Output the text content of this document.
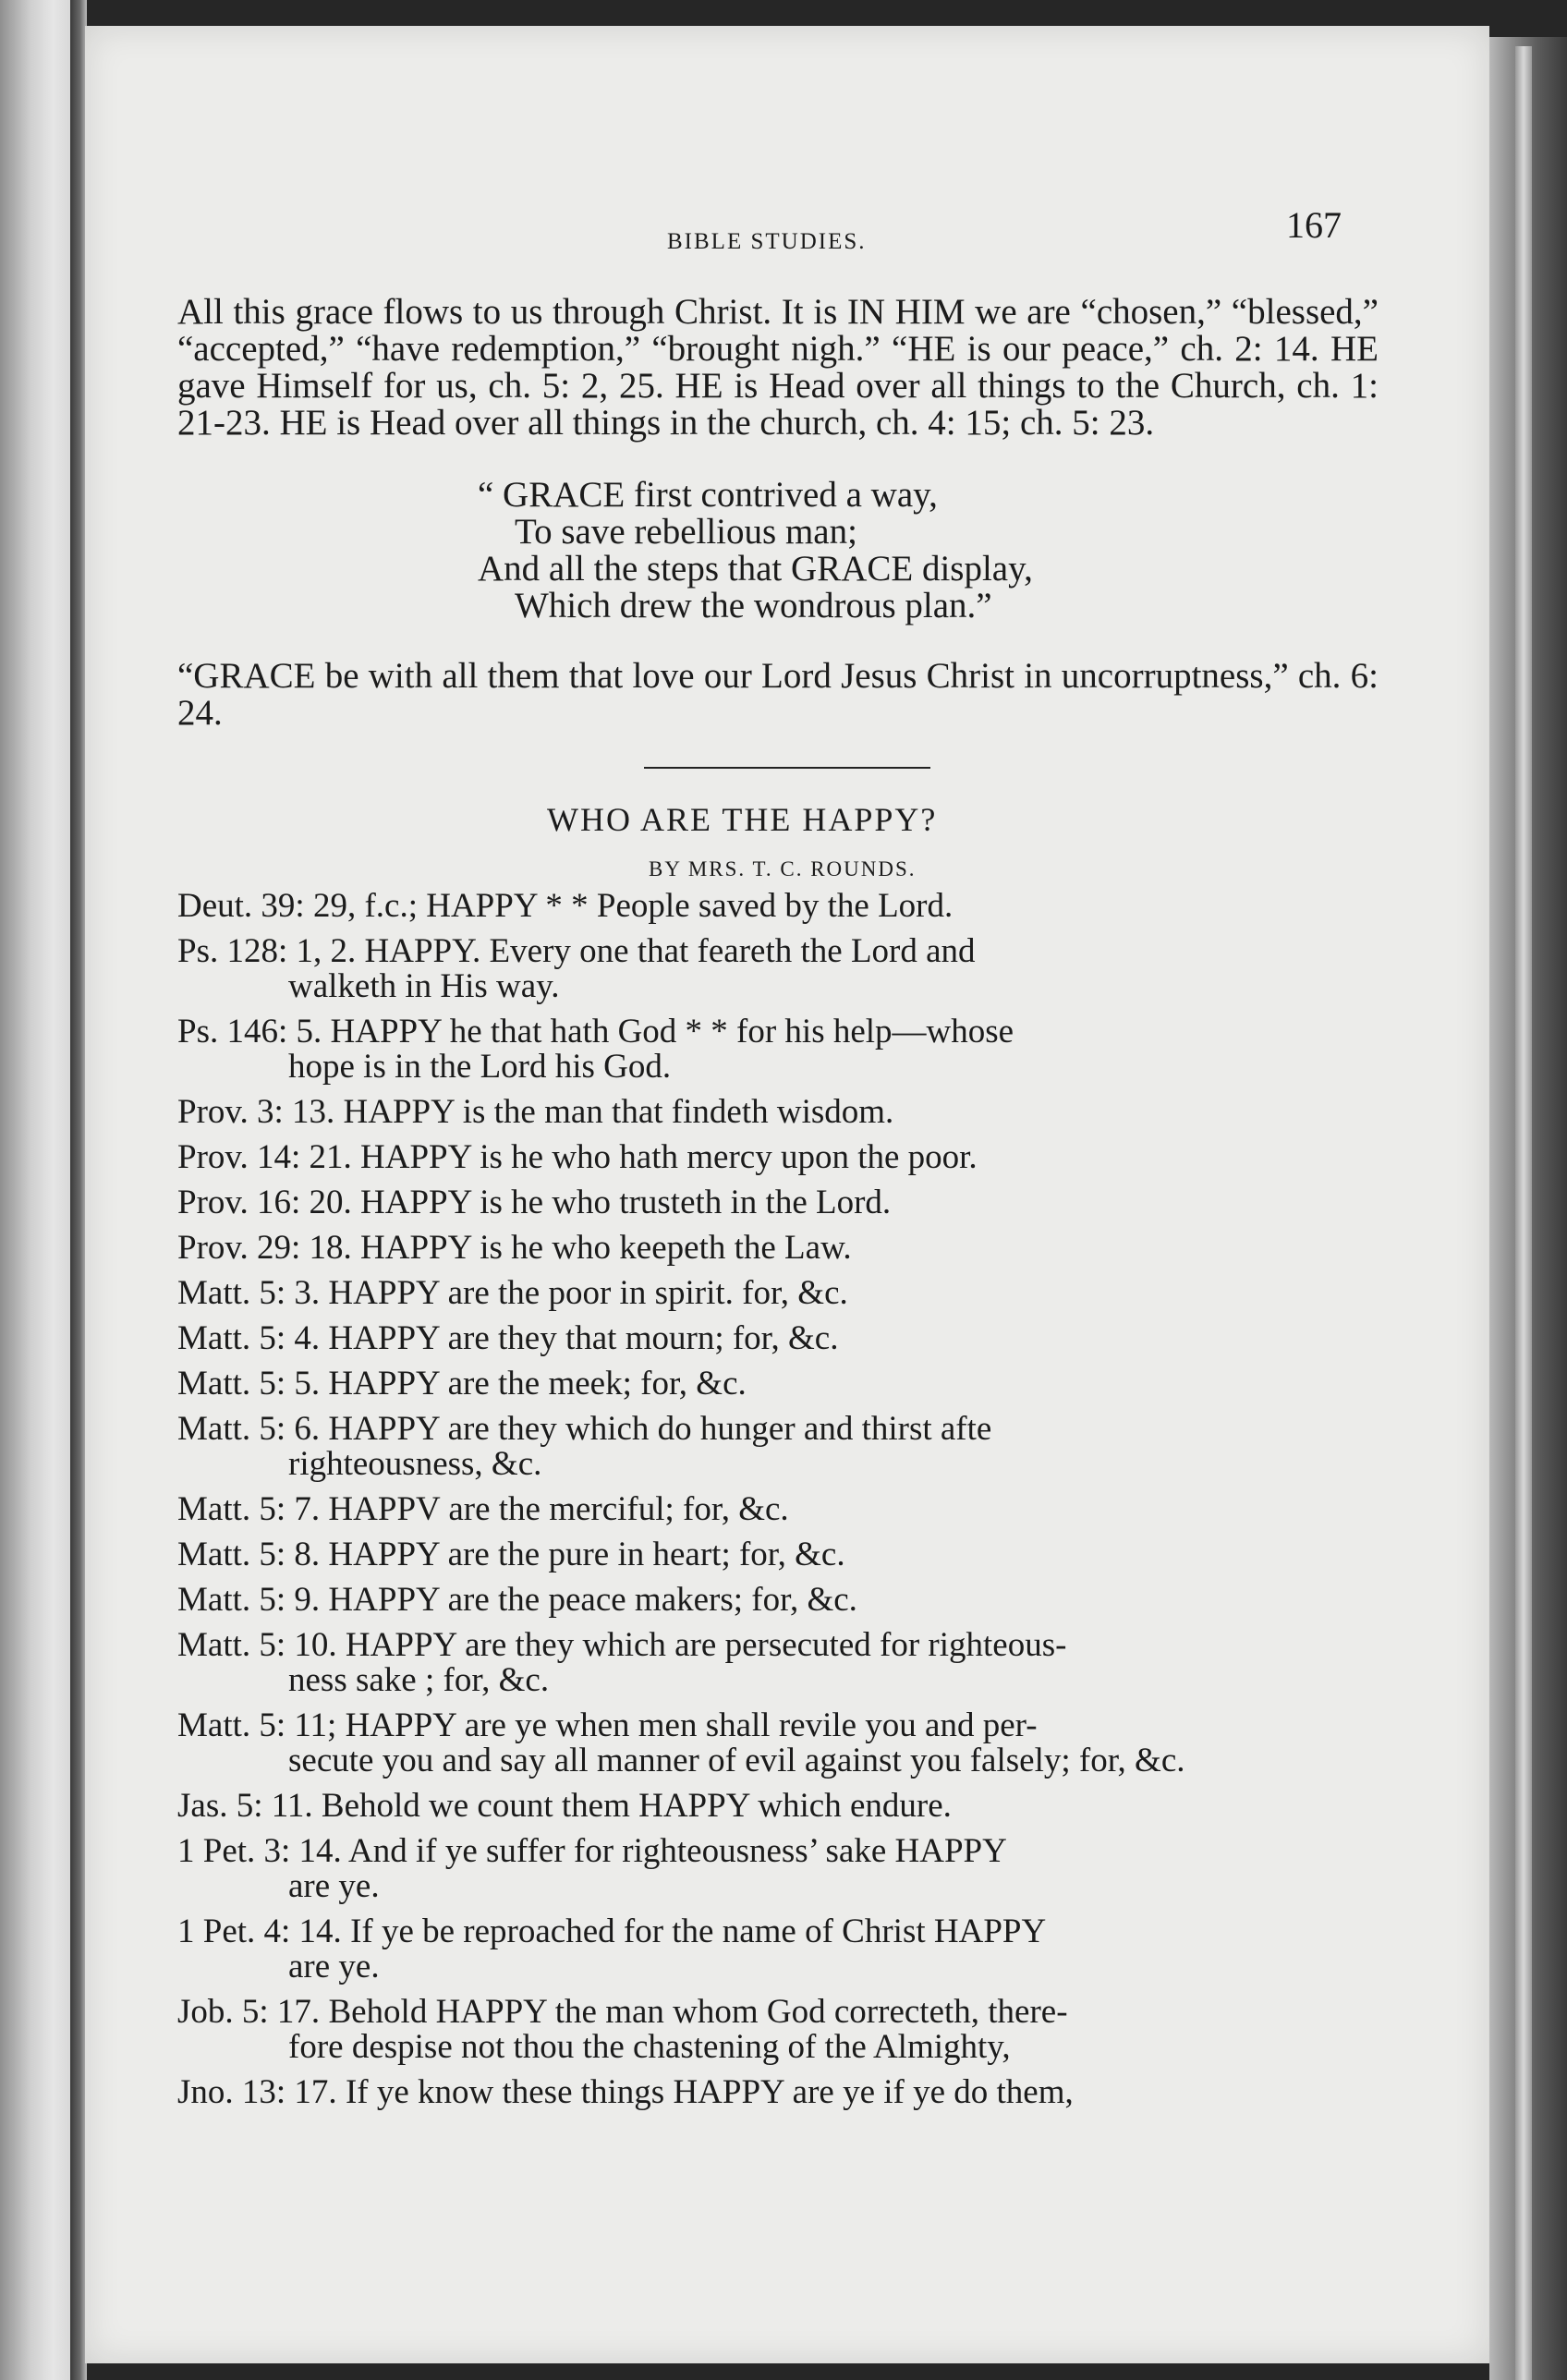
BIBLE STUDIES.	167

All this grace flows to us through Christ. It is IN HIM we are “chosen,” “blessed,” “accepted,” “have redemption,” “brought nigh.” “HE is our peace,” ch. 2: 14. HE gave Himself for us, ch. 5: 2, 25. HE is Head over all things to the Church, ch. 1: 21-23. HE is Head over all things in the church, ch. 4: 15; ch. 5: 23.

“ GRACE first contrived a way,
To save rebellious man;
And all the steps that GRACE display,
Which drew the wondrous plan.”

“GRACE be with all them that love our Lord Jesus Christ in uncorruptness,” ch. 6: 24.

WHO ARE THE HAPPY?
BY MRS. T. C. ROUNDS.
Deut. 39: 29, f.c.; HAPPY * * People saved by the Lord.
Ps. 128: 1, 2. HAPPY. Every one that feareth the Lord and
walketh in His way.
Ps. 146: 5. HAPPY he that hath God * * for his help—whose
hope is in the Lord his God.
Prov. 3: 13. HAPPY is the man that findeth wisdom.
Prov. 14: 21. HAPPY is he who hath mercy upon the poor.
Prov. 16: 20. HAPPY is he who trusteth in the Lord.
Prov. 29: 18. HAPPY is he who keepeth the Law.
Matt. 5: 3. HAPPY are the poor in spirit. for, &c.
Matt. 5: 4. HAPPY are they that mourn; for, &c.
Matt. 5: 5. HAPPY are the meek; for, &c.
Matt. 5: 6. HAPPY are they which do hunger and thirst afte
righteousness, &c.
Matt. 5: 7. HAPPV are the merciful; for, &c.
Matt. 5: 8. HAPPY are the pure in heart; for, &c.
Matt. 5: 9. HAPPY are the peace makers; for, &c.
Matt. 5: 10. HAPPY are they which are persecuted for righteous-
ness sake ; for, &c.
Matt. 5: 11; HAPPY are ye when men shall revile you and per-
secute you and say all manner of evil against you falsely; for, &c.
Jas. 5: 11. Behold we count them HAPPY which endure.
1 Pet. 3: 14. And if ye suffer for righteousness’ sake HAPPY
are ye.
1 Pet. 4: 14. If ye be reproached for the name of Christ HAPPY
are ye.
Job. 5: 17. Behold HAPPY the man whom God correcteth, there-
fore despise not thou the chastening of the Almighty,
Jno. 13: 17. If ye know these things HAPPY are ye if ye do them,
